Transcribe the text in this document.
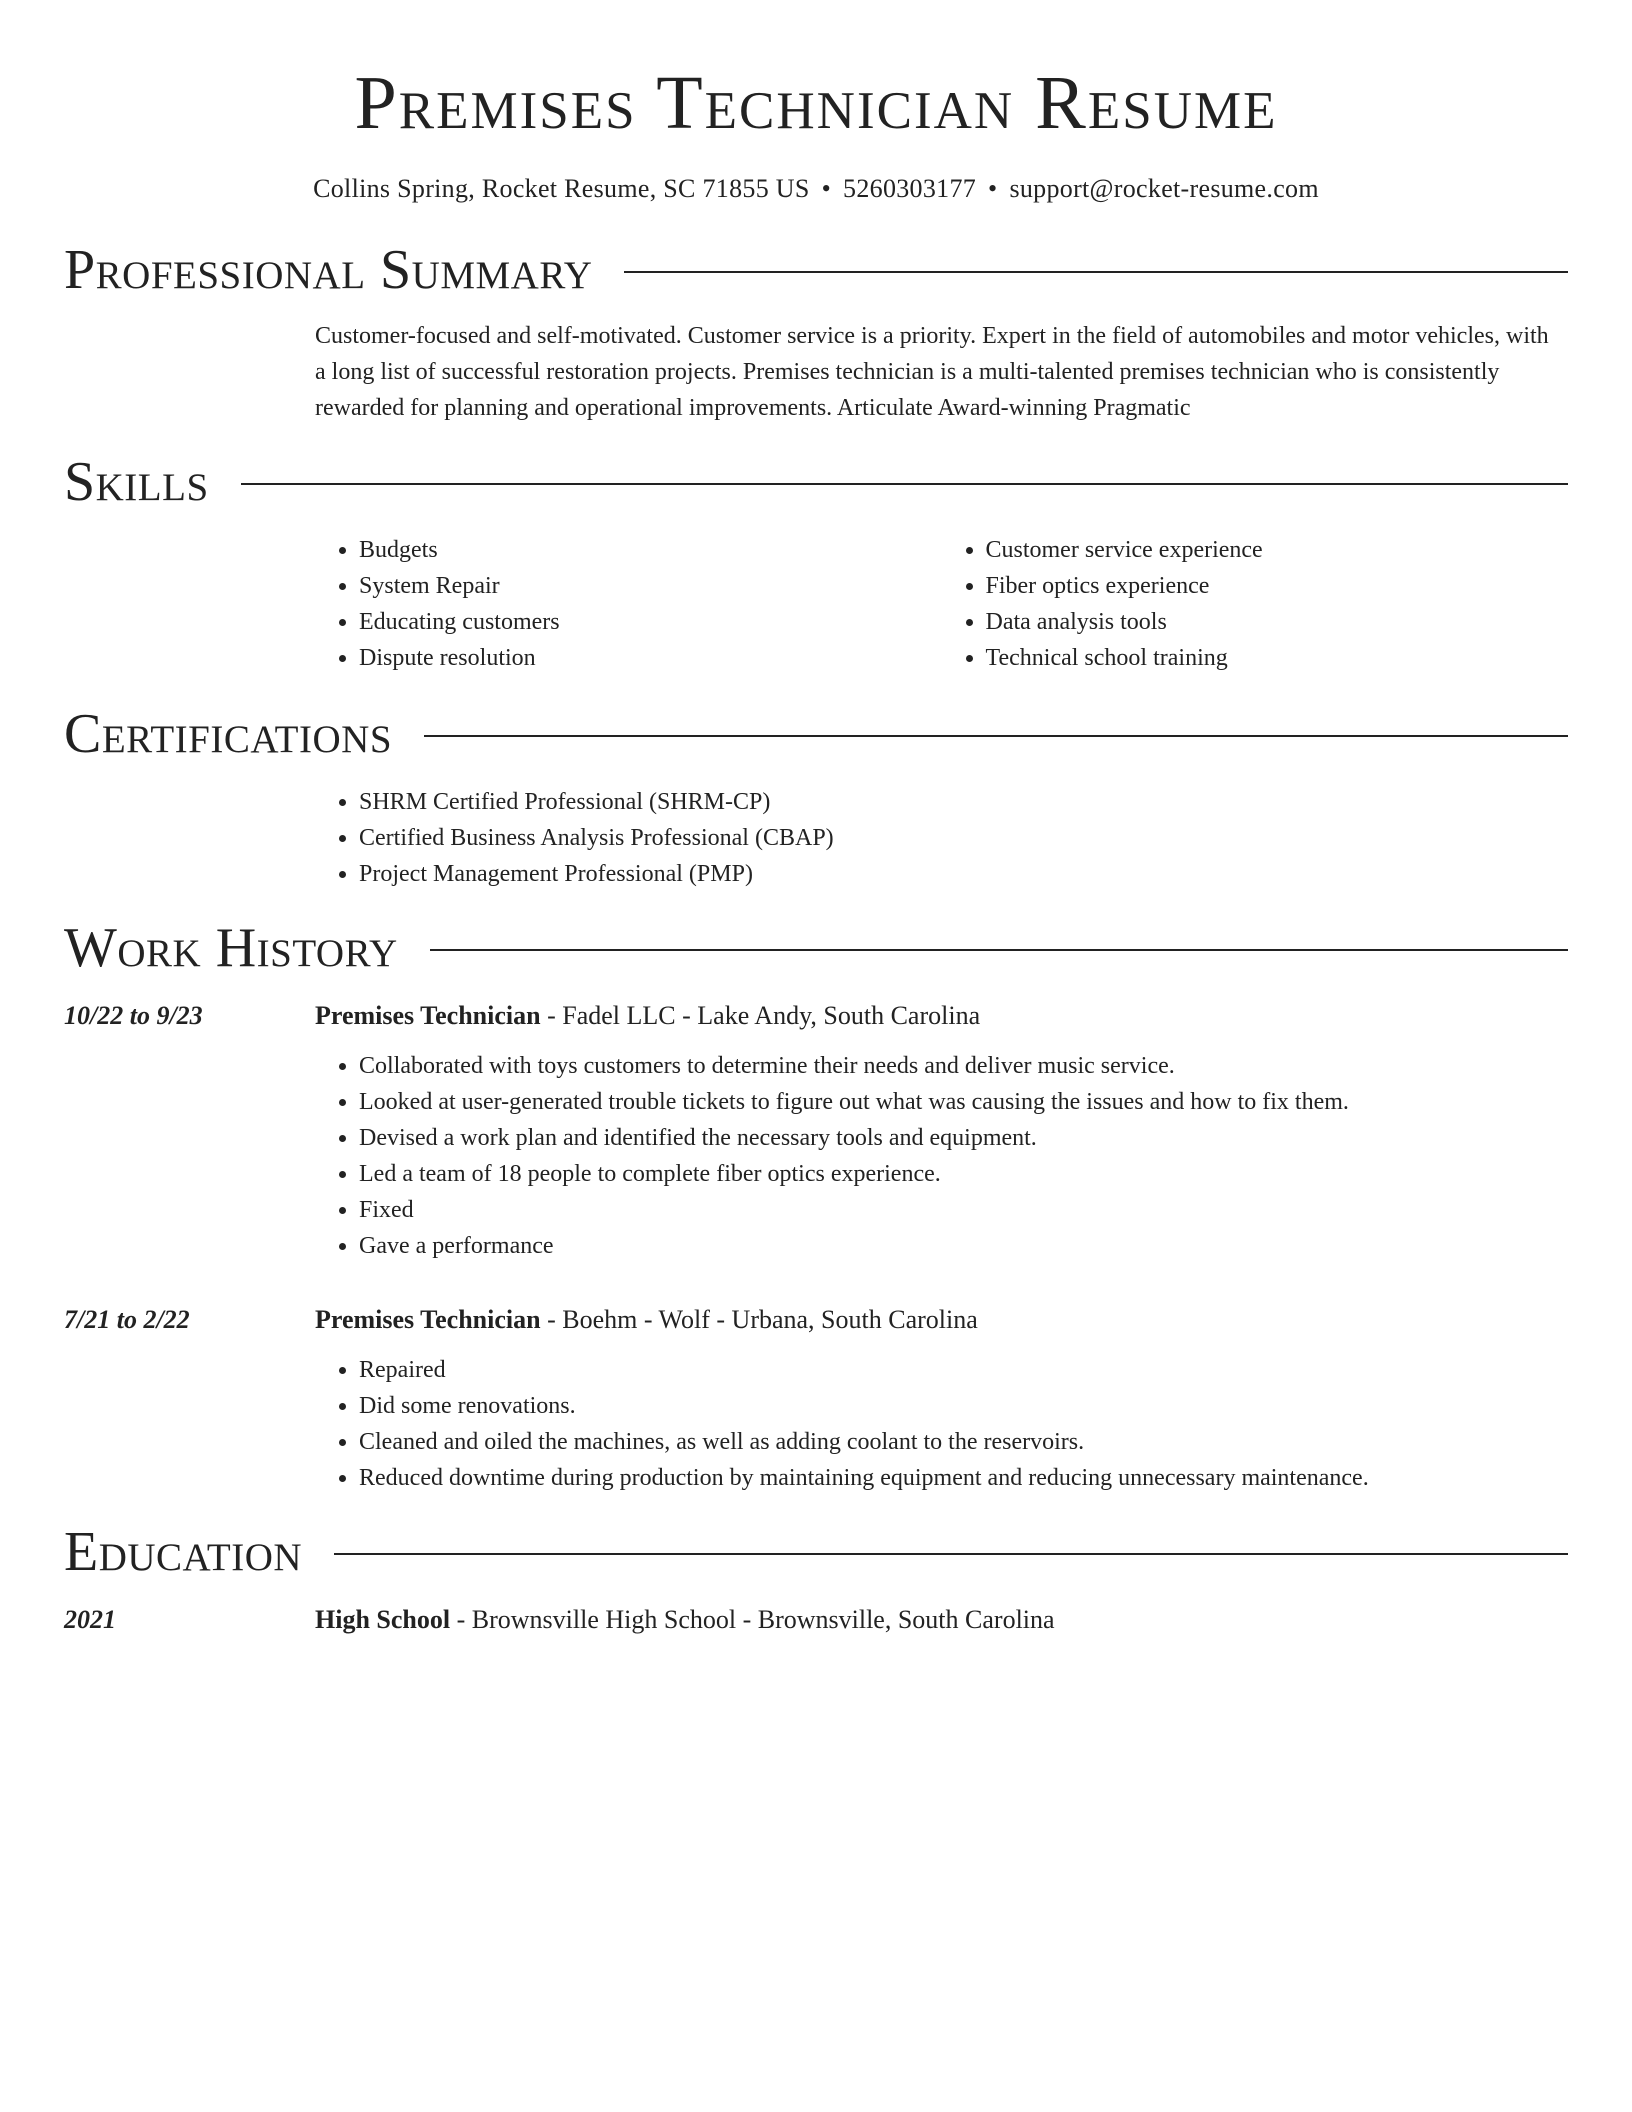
Premises Technician Resume
Collins Spring, Rocket Resume, SC 71855 US • 5260303177 • support@rocket-resume.com
Professional Summary

Customer-focused and self-motivated. Customer service is a priority. Expert in the field of automobiles and motor vehicles, with a long list of successful restoration projects. Premises technician is a multi-talented premises technician who is consistently rewarded for planning and operational improvements. Articulate Award-winning Pragmatic

Skills
• Budgets
• System Repair
• Educating customers
• Dispute resolution
• Customer service experience
• Fiber optics experience
• Data analysis tools
• Technical school training
Certifications
• SHRM Certified Professional (SHRM-CP)
• Certified Business Analysis Professional (CBAP)
• Project Management Professional (PMP)
Work History
10/22 to 9/23	Premises Technician - Fadel LLC - Lake Andy, South Carolina
• Collaborated with toys customers to determine their needs and deliver music service.
• Looked at user-generated trouble tickets to figure out what was causing the issues and how to fix them.
• Devised a work plan and identified the necessary tools and equipment.
• Led a team of 18 people to complete fiber optics experience.
• Fixed
• Gave a performance
7/21 to 2/22	Premises Technician - Boehm - Wolf - Urbana, South Carolina
• Repaired
• Did some renovations.
• Cleaned and oiled the machines, as well as adding coolant to the reservoirs.
• Reduced downtime during production by maintaining equipment and reducing unnecessary maintenance.
Education
2021	High School - Brownsville High School - Brownsville, South Carolina
